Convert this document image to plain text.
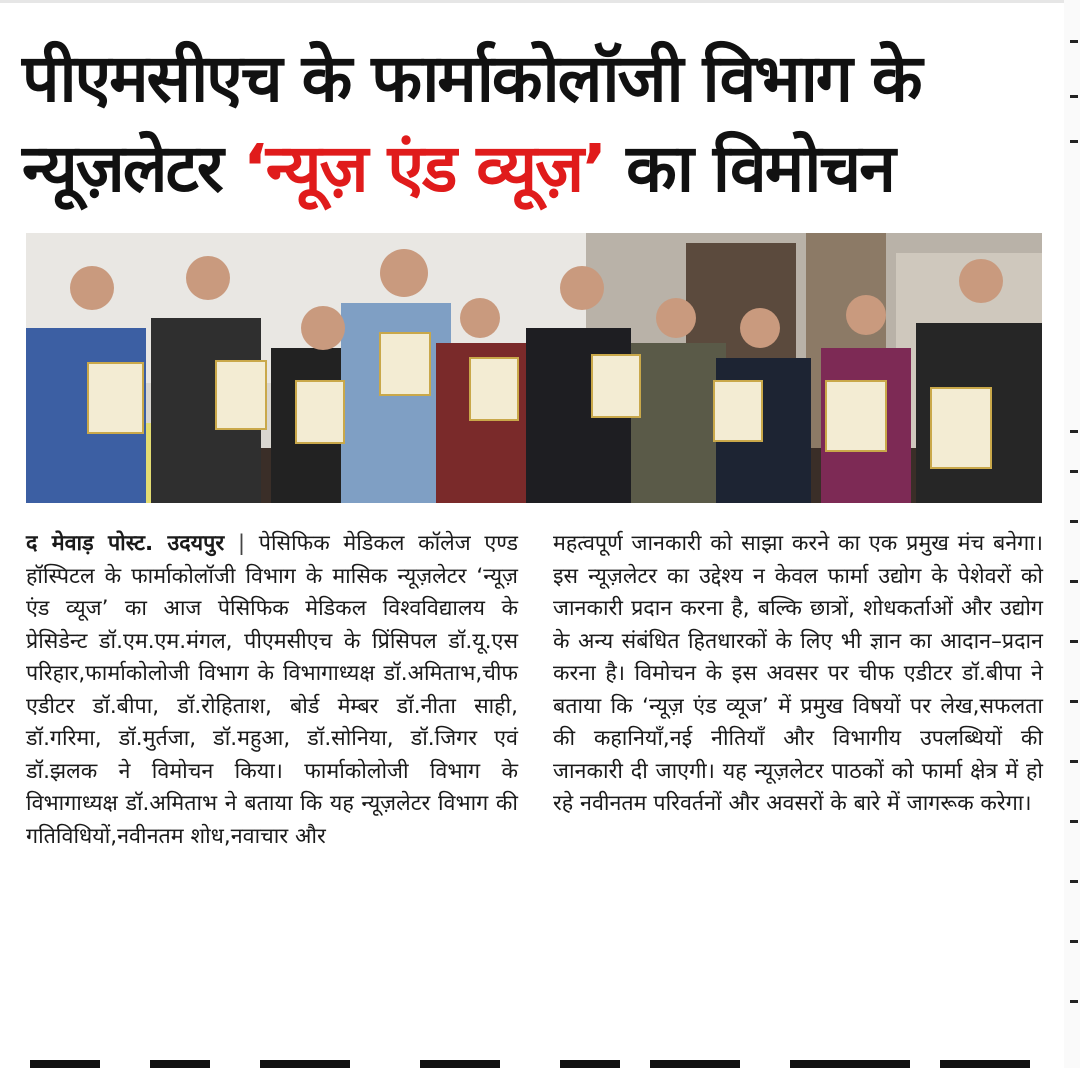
पीएमसीएच के फार्माकोलॉजी विभाग के
न्यूज़लेटर ‘न्यूज़ एंड व्यूज़’ का विमोचन

द मेवाड़ पोस्ट. उदयपुर | पेसिफिक मेडिकल कॉलेज एण्ड हॉस्पिटल के फार्माकोलॉजी विभाग के मासिक न्यूज़लेटर ‘न्यूज़ एंड व्यूज’ का आज पेसिफिक मेडिकल विश्वविद्यालय के प्रेसिडेन्ट डॉ.एम.एम.मंगल, पीएमसीएच के प्रिंसिपल डॉ.यू.एस परिहार,फार्माकोलोजी विभाग के विभागाध्यक्ष डॉ.अमिताभ,चीफ एडीटर डॉ.बीपा, डॉ.रोहिताश, बोर्ड मेम्बर डॉ.नीता साही, डॉ.गरिमा, डॉ.मुर्तजा, डॉ.महुआ, डॉ.सोनिया, डॉ.जिगर एवं डॉ.झलक ने विमोचन किया। फार्माकोलोजी विभाग के विभागाध्यक्ष डॉ.अमिताभ ने बताया कि यह न्यूज़लेटर विभाग की गतिविधियों,नवीनतम शोध,नवाचार और

महत्वपूर्ण जानकारी को साझा करने का एक प्रमुख मंच बनेगा। इस न्यूज़लेटर का उद्देश्य न केवल फार्मा उद्योग के पेशेवरों को जानकारी प्रदान करना है, बल्कि छात्रों, शोधकर्ताओं और उद्योग के अन्य संबंधित हितधारकों के लिए भी ज्ञान का आदान–प्रदान करना है। विमोचन के इस अवसर पर चीफ एडीटर डॉ.बीपा ने बताया कि ‘न्यूज़ एंड व्यूज’ में प्रमुख विषयों पर लेख,सफलता की कहानियाँ,नई नीतियाँ और विभागीय उपलब्धियों की जानकारी दी जाएगी। यह न्यूज़लेटर पाठकों को फार्मा क्षेत्र में हो रहे नवीनतम परिवर्तनों और अवसरों के बारे में जागरूक करेगा।
